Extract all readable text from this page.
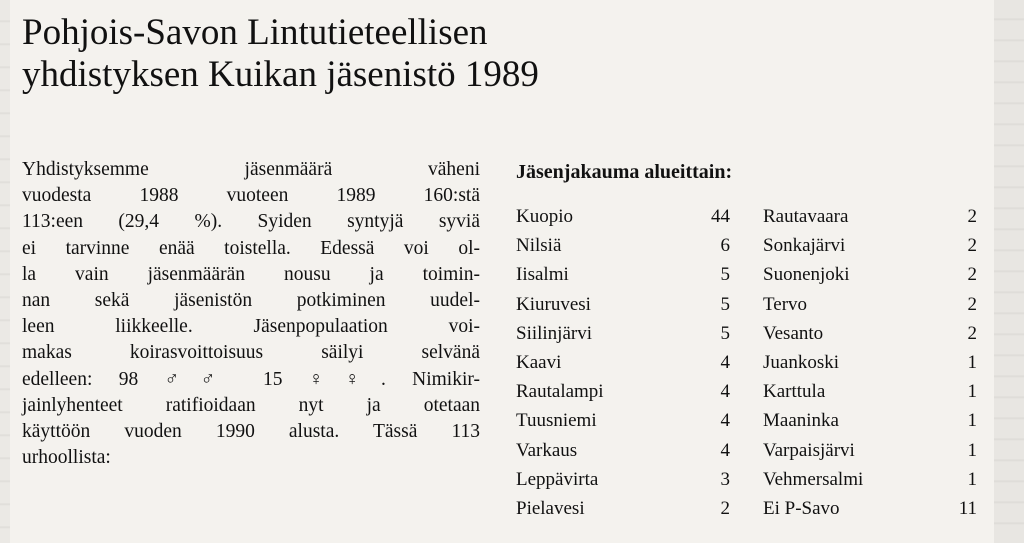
Pohjois-Savon Lintutieteellisen
yhdistyksen Kuikan jäsenistö 1989

Yhdistyksemme jäsenmäärä väheni
vuodesta 1988 vuoteen 1989 160:stä
113:een (29,4 %). Syiden syntyjä syviä
ei tarvinne enää toistella. Edessä voi ol-
la vain jäsenmäärän nousu ja toimin-
nan sekä jäsenistön potkiminen uudel-
leen liikkeelle. Jäsenpopulaation voi-
makas koirasvoittoisuus säilyi selvänä
edelleen: 98 ♂♂ 15 ♀♀. Nimikir-
jainlyhenteet ratifioidaan nyt ja otetaan
käyttöön vuoden 1990 alusta. Tässä 113
urhoollista:

Jäsenjakauma alueittain:
Kuopio	44
Nilsiä	6
Iisalmi	5
Kiuruvesi	5
Siilinjärvi	5
Kaavi	4
Rautalampi	4
Tuusniemi	4
Varkaus	4
Leppävirta	3
Pielavesi	2
Rautavaara	2
Sonkajärvi	2
Suonenjoki	2
Tervo	2
Vesanto	2
Juankoski	1
Karttula	1
Maaninka	1
Varpaisjärvi	1
Vehmersalmi	1
Ei P-Savo	11
